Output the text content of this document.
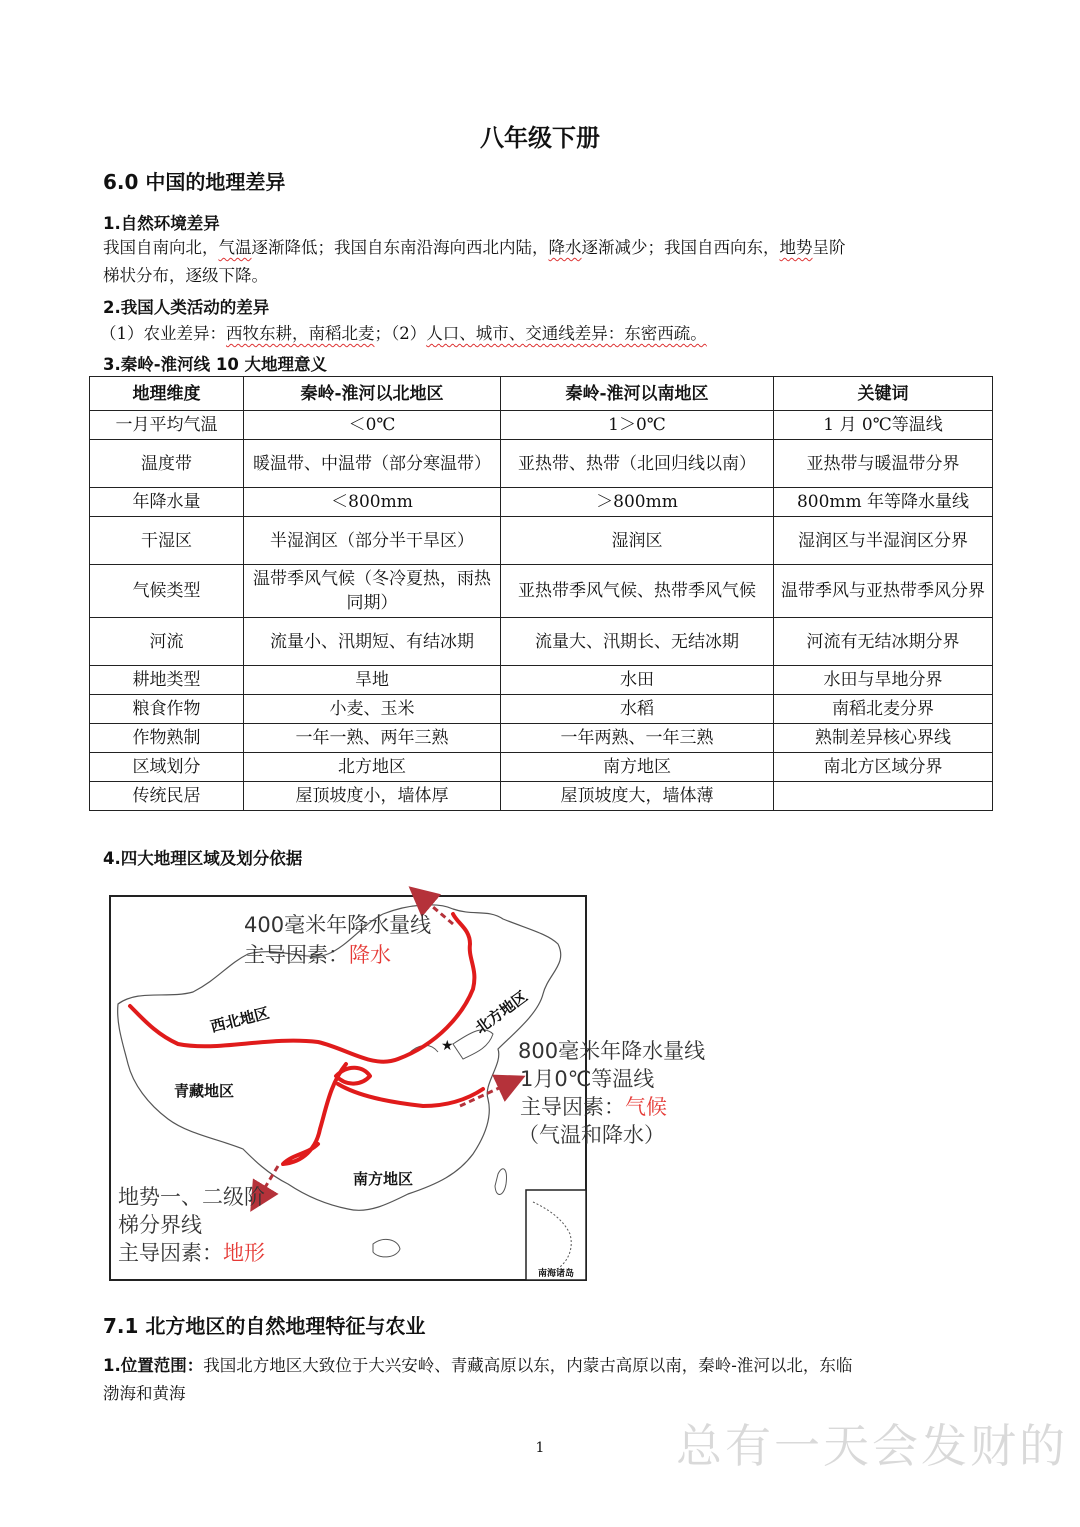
八年级下册
6.0 中国的地理差异
1.自然环境差异
我国自南向北，气温逐渐降低；我国自东南沿海向西北内陆，降水逐渐减少；我国自西向东，地势呈阶
梯状分布，逐级下降。
2.我国人类活动的差异
（1）农业差异：西牧东耕，南稻北麦；（2）人口、城市、交通线差异：东密西疏。
3.秦岭-淮河线 10 大地理意义
地理维度	秦岭-淮河以北地区	秦岭-淮河以南地区	关键词
一月平均气温	＜0℃	1＞0℃	1 月 0℃等温线
温度带	暖温带、中温带（部分寒温带）	亚热带、热带（北回归线以南）	亚热带与暖温带分界
年降水量	＜800mm	＞800mm	800mm 年等降水量线
干湿区	半湿润区（部分半干旱区）	湿润区	湿润区与半湿润区分界
气候类型	温带季风气候（冬冷夏热，雨热同期）	亚热带季风气候、热带季风气候	温带季风与亚热带季风分界
河流	流量小、汛期短、有结冰期	流量大、汛期长、无结冰期	河流有无结冰期分界
耕地类型	旱地	水田	水田与旱地分界
粮食作物	小麦、玉米	水稻	南稻北麦分界
作物熟制	一年一熟、两年三熟	一年两熟、一年三熟	熟制差异核心界线
区域划分	北方地区	南方地区	南北方区域分界
传统民居	屋顶坡度小，墙体厚	屋顶坡度大，墙体薄	
4.四大地理区域及划分依据
★
南海诸岛
西北地区	北方地区
青藏地区
南方地区
400毫米年降水量线
主导因素：降水
800毫米年降水量线
1月0℃等温线
主导因素：气候
（气温和降水）
地势一、二级阶
梯分界线
主导因素：地形
7.1 北方地区的自然地理特征与农业
1.位置范围：我国北方地区大致位于大兴安岭、青藏高原以东，内蒙古高原以南，秦岭-淮河以北，东临
渤海和黄海
1	总有一天会发财的
